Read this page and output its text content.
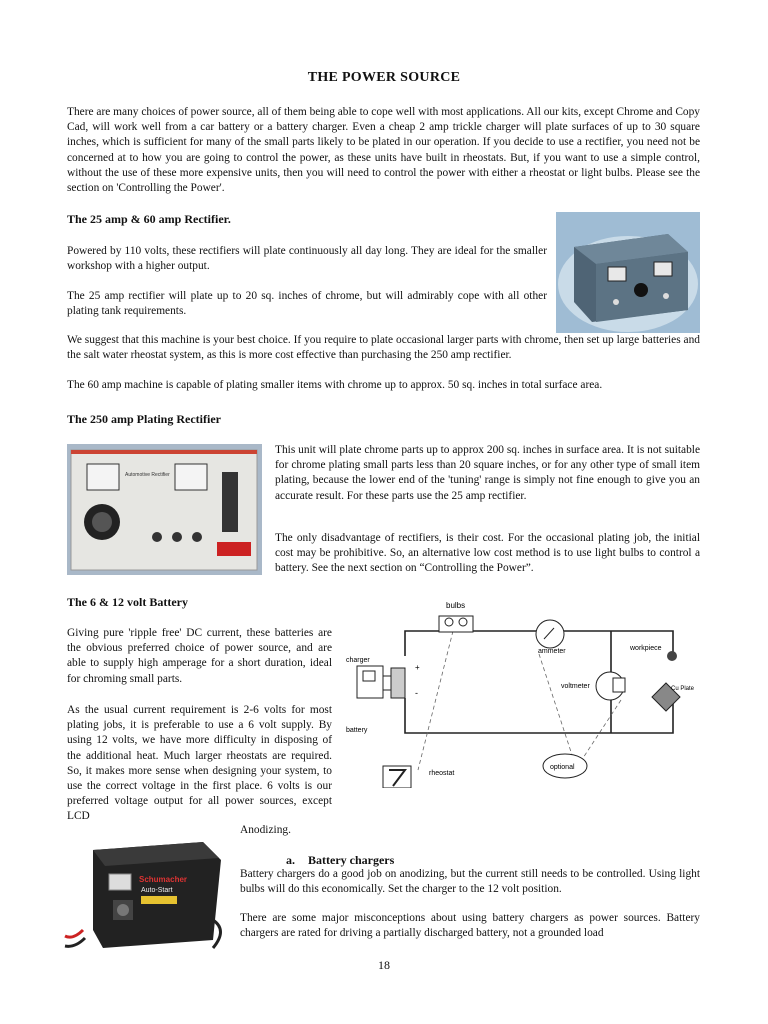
THE POWER SOURCE

There are many choices of power source, all of them being able to cope well with most applications. All our kits, except Chrome and Copy Cad, will work well from a car battery or a battery charger. Even a cheap 2 amp trickle charger will plate surfaces of up to 30 square inches, which is sufficient for many of the small parts likely to be plated in our operation. If you decide to use a rectifier, you need not be concerned at to how you are going to control the power, as these units have built in rheostats. But, if you want to use a simple control, without the use of these more expensive units, then you will need to control the power with either a rheostat or light bulbs. Please see the section on 'Controlling the Power'.

The 25 amp & 60 amp Rectifier.

Powered by 110 volts, these rectifiers will plate continuously all day long. They are ideal for the smaller workshop with a higher output.

The 25 amp rectifier will plate up to 20 sq. inches of chrome, but will admirably cope with all other plating tank requirements.

We suggest that this machine is your best choice. If you require to plate occasional larger parts with chrome, then set up large batteries and the salt water rheostat system, as this is more cost effective than purchasing the 250 amp rectifier.

The 60 amp machine is capable of plating smaller items with chrome up to approx. 50 sq. inches in total surface area.

The 250 amp Plating Rectifier

Automotive Rectifier

This unit will plate chrome parts up to approx 200 sq. inches in surface area. It is not suitable for chrome plating small parts less than 20 square inches, or for any other type of small item plating, because the lower end of the 'tuning' range is simply not fine enough to give you an accurate result. For these parts use the 25 amp rectifier.

The only disadvantage of rectifiers, is their cost. For the occasional plating job, the initial cost may be prohibitive. So, an alternative low cost method is to use light bulbs to control a battery. See the next section on “Controlling the Power”.

The 6 & 12 volt Battery

Giving pure 'ripple free' DC current, these batteries are the obvious preferred choice of power source, and are able to supply high amperage for a short duration, ideal for chroming small parts.

As the usual current requirement is 2-6 volts for most plating jobs, it is preferable to use a 6 volt supply. By using 12 volts, we have more difficulty in disposing of the additional heat. Much larger rheostats are required. So, it makes more sense when designing your system, to use the correct voltage in the first place. 6 volts is our preferred voltage output for all power sources, except LCD

Anodizing.

bulbs
ammeter	workpiece
charger
+
-
battery
voltmeter	Cu Plate
rheostat
optional
Schumacher
Auto-Start
a. Battery chargers

Battery chargers do a good job on anodizing, but the current still needs to be controlled. Using light bulbs will do this economically. Set the charger to the 12 volt position.

There are some major misconceptions about using battery chargers as power sources. Battery chargers are rated for driving a partially discharged battery, not a grounded load

18
